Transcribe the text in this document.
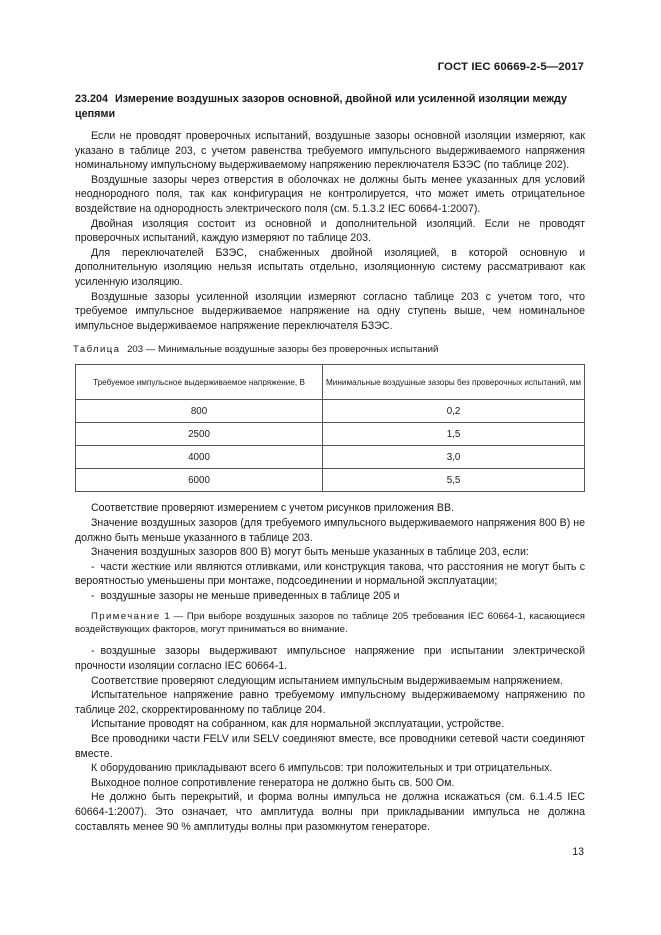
ГОСТ IEC 60669-2-5—2017
23.204 Измерение воздушных зазоров основной, двойной или усиленной изоляции между цепями

Если не проводят проверочных испытаний, воздушные зазоры основной изоляции измеряют, как указано в таблице 203, с учетом равенства требуемого импульсного выдерживаемого напряжения номинальному импульсному выдерживаемому напряжению переключателя БЗЭС (по таблице 202).

Воздушные зазоры через отверстия в оболочках не должны быть менее указанных для условий неоднородного поля, так как конфигурация не контролируется, что может иметь отрицательное воздействие на однородность электрического поля (см. 5.1.3.2 IEC 60664-1:2007).

Двойная изоляция состоит из основной и дополнительной изоляций. Если не проводят проверочных испытаний, каждую измеряют по таблице 203.

Для переключателей БЗЭС, снабженных двойной изоляцией, в которой основную и дополнительную изоляцию нельзя испытать отдельно, изоляционную систему рассматривают как усиленную изоляцию.

Воздушные зазоры усиленной изоляции измеряют согласно таблице 203 с учетом того, что требуемое импульсное выдерживаемое напряжение на одну ступень выше, чем номинальное импульсное выдерживаемое напряжение переключателя БЗЭС.

Таблица 203 — Минимальные воздушные зазоры без проверочных испытаний

Требуемое импульсное выдерживаемое напряжение, В	Минимальные воздушные зазоры без проверочных испытаний, мм
800	0,2
2500	1,5
4000	3,0
6000	5,5

Соответствие проверяют измерением с учетом рисунков приложения ВВ.

Значение воздушных зазоров (для требуемого импульсного выдерживаемого напряжения 800 В) не должно быть меньше указанного в таблице 203.

Значения воздушных зазоров 800 В) могут быть меньше указанных в таблице 203, если:

- части жесткие или являются отливками, или конструкция такова, что расстояния не могут быть с вероятностью уменьшены при монтаже, подсоединении и нормальной эксплуатации;

- воздушные зазоры не меньше приведенных в таблице 205 и

Примечание 1 — При выборе воздушных зазоров по таблице 205 требования IEC 60664-1, касающиеся воздействующих факторов, могут приниматься во внимание.

- воздушные зазоры выдерживают импульсное напряжение при испытании электрической прочности изоляции согласно IEC 60664-1.

Соответствие проверяют следующим испытанием импульсным выдерживаемым напряжением.

Испытательное напряжение равно требуемому импульсному выдерживаемому напряжению по таблице 202, скорректированному по таблице 204.

Испытание проводят на собранном, как для нормальной эксплуатации, устройстве.

Все проводники части FELV или SELV соединяют вместе, все проводники сетевой части соединяют вместе.

К оборудованию прикладывают всего 6 импульсов: три положительных и три отрицательных.

Выходное полное сопротивление генератора не должно быть св. 500 Ом.

Не должно быть перекрытий, и форма волны импульса не должна искажаться (см. 6.1.4.5 IEC 60664-1:2007). Это означает, что амплитуда волны при прикладывании импульса не должна составлять менее 90 % амплитуды волны при разомкнутом генераторе.

13
